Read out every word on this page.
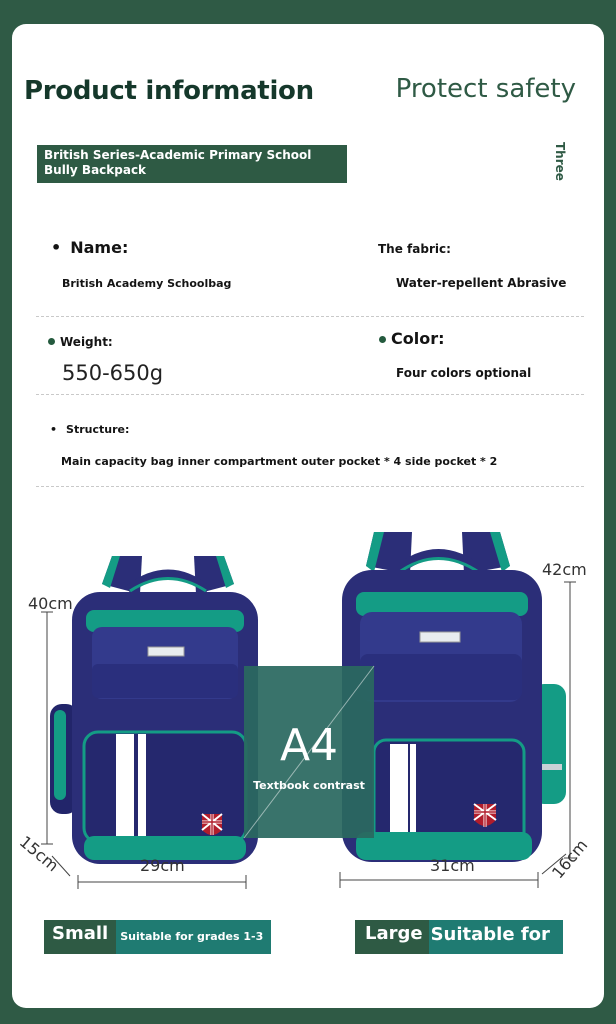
Product information	Protect safety
British Series-Academic Primary School Bully Backpack	Three
• Name:	The fabric:
British Academy Schoolbag	Water-repellent Abrasive
Weight:	Color:
550-650g	Four colors optional
• Structure:
Main capacity bag inner compartment outer pocket * 4 side pocket * 2
A4
Textbook contrast
40cm
15cm	29cm
42cm
16cm
31cm
Small	Suitable for grades 1-3	Large Suitable for grades 3-6
